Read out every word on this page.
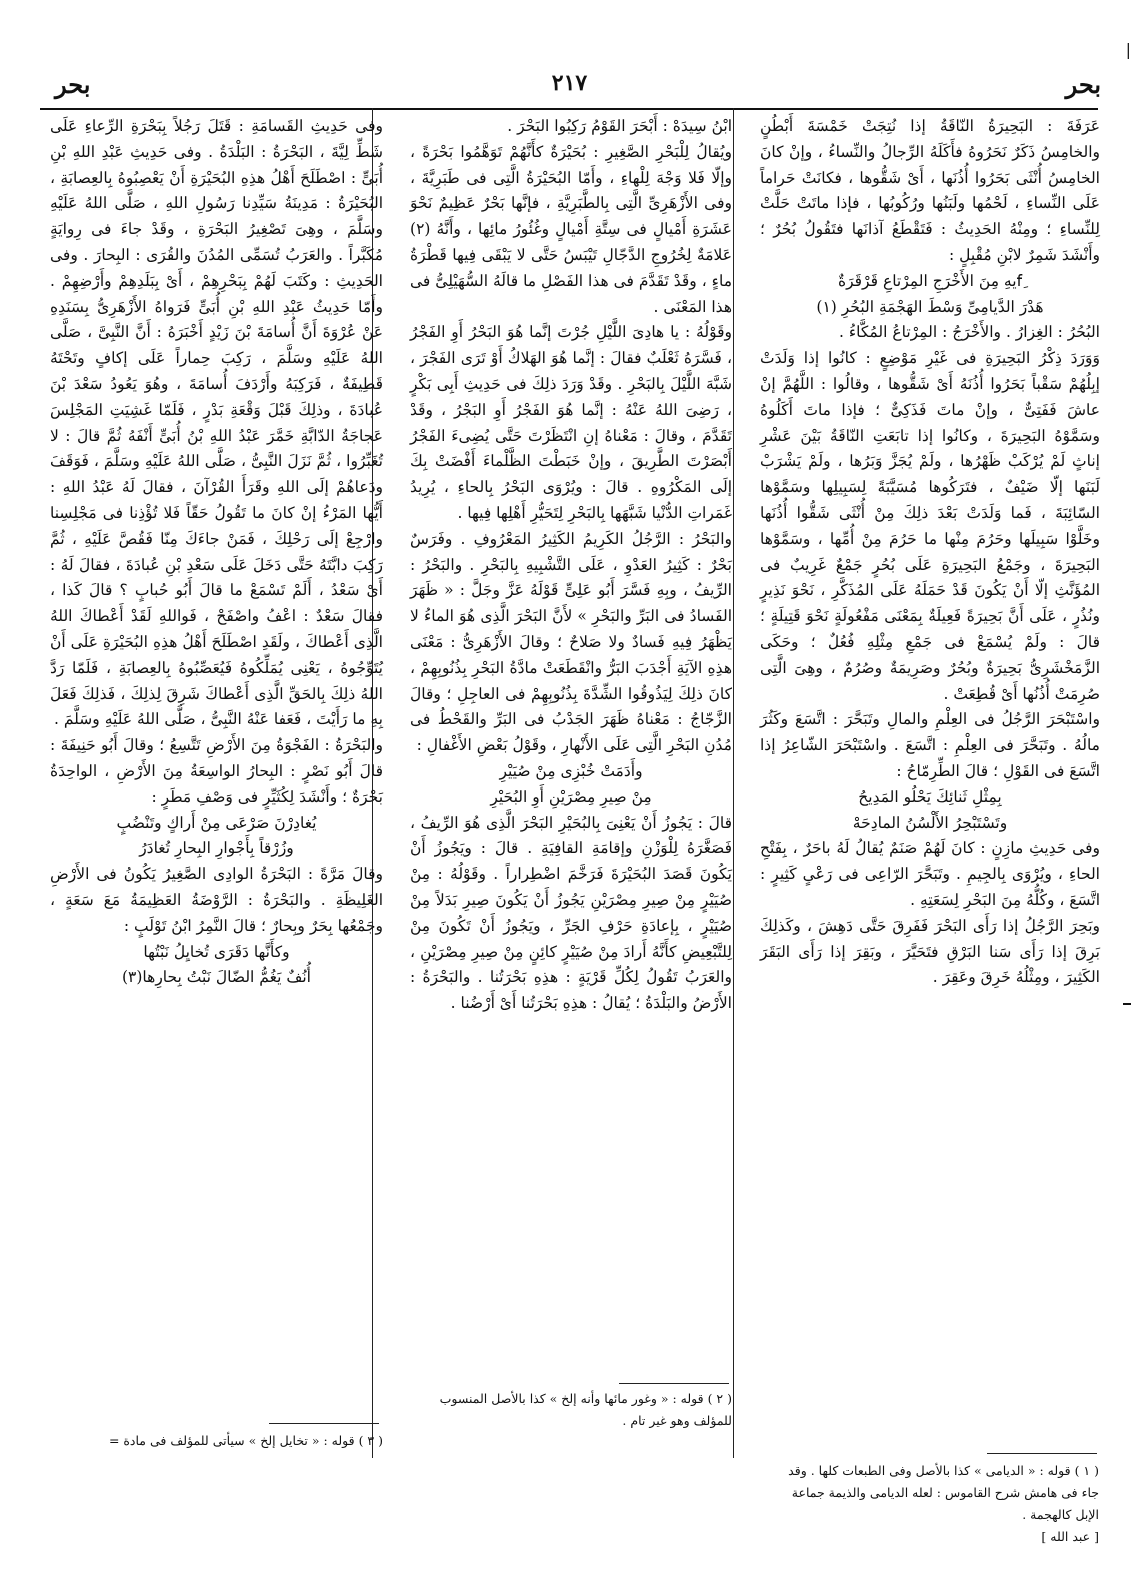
بحر
٢١٧
بحر
|

عَرَفَةَ : البَحِيرَةُ النّاقَةُ إذا نُتِجَتْ خَمْسَةَ أَبْطُنٍ والخامِسُ ذَكَرٌ نَحَرُوهُ فأَكَلَهُ الرِّجالُ والنِّساءُ ، وإنْ كانَ الخامِسُ أُنْثَى بَحَرُوا أُذُنَها ، أَىْ شَقُّوها ، فكانَتْ حَراماً عَلَى النِّساءِ ، لَحْمُها ولَبَنُها ورُكُوبُها ، فإذا ماتَتْ حَلَّتْ لِلنِّساءِ ؛ ومِنْهُ الحَدِيثُ : فَتَقْطَعُ آذانَها فتَقُولُ بُحُرٌ ؛ وأَنْشَدَ شَمِرٌ لابْنِ مُقْبِلٍ :

fِيهِ مِنَ الأَخْرَجِ المِرْتاعِ قَرْقَرَةٌ

هَدْرَ الدَّيامِىِّ وَسْطَ الهَجْمَةِ البُحُرِ (١)

البُحُرُ : الغِزارُ . والأَخْرَجُ : المِرْتاعُ المُكَّاءُ .

وَوَرَدَ ذِكْرُ البَحِيرَةِ فى غَيْرِ مَوْضِعٍ : كانُوا إذا وَلَدَتْ إبِلُهُمْ سَقْباً بَحَرُوا أُذُنَهُ أَىْ شَقُّوها ، وقالُوا : اللَّهُمَّ إنْ عاشَ فَفَتِىٌّ ، وإنْ ماتَ فَذَكِىٌّ ؛ فإذا ماتَ أَكَلُوهُ وسَمَّوْهُ البَحِيرَةَ ، وكانُوا إذا تابَعَتِ النّاقَةُ بَيْنَ عَشْرِ إناثٍ لَمْ يُرْكَبْ ظَهْرُها ، ولَمْ يُجَزَّ وَبَرُها ، ولَمْ يَشْرَبْ لَبَنَها إلّا ضَيْفٌ ، فتَرَكُوها مُسَيَّبَةً لِسَبِيلِها وسَمَّوْها السّائِبَةَ ، فَما وَلَدَتْ بَعْدَ ذلِكَ مِنْ أُنْثَى شَقُّوا أُذُنَها وخَلَّوْا سَبِيلَها وحَرُمَ مِنْها ما حَرُمَ مِنْ أُمِّها ، وسَمَّوْها البَحِيرَةَ ، وجَمْعُ البَحِيرَةِ عَلَى بُحُرٍ جَمْعٌ غَرِيبٌ فى المُؤَنَّثِ إلّا أَنْ يَكُونَ قَدْ حَمَلَهُ عَلَى المُذَكَّرِ ، نَحْوَ نَذِيرٍ ونُذُرٍ ، عَلَى أَنَّ بَحِيرَةً فَعِيلَةٌ بِمَعْنَى مَفْعُولَةٍ نَحْوَ قَتِيلَةٍ ؛ قالَ : ولَمْ يُسْمَعْ فى جَمْعِ مِثْلِهِ فُعُلٌ ؛ وحَكَى الزَّمَخْشَرِىُّ بَحِيرَةٌ وبُحُرٌ وصَرِيمَةٌ وصُرُمٌ ، وهِىَ الَّتِى صُرِمَتْ أُذُنُها أَىْ قُطِعَتْ .

واسْتَبْحَرَ الرَّجُلُ فى العِلْمِ والمالِ وتَبَحَّرَ : اتَّسَعَ وكَثُرَ مالُهُ . وتَبَحَّرَ فى العِلْمِ : اتَّسَعَ . واسْتَبْحَرَ الشّاعِرُ إذا اتَّسَعَ فى القَوْلِ ؛ قالَ الطِّرِمّاحُ :

بِمِثْلِ ثَنائِكَ يَحْلُو المَدِيحُ

وتَسْتَبْحِرُ الأَلْسُنُ المادِحَهْ

وفى حَدِيثِ مازِنٍ : كانَ لَهُمْ صَنَمٌ يُقالُ لَهُ باحَرٌ ، بِفَتْحِ الحاءِ ، ويُرْوَى بِالجِيمِ . وتَبَحَّرَ الرّاعِى فى رَعْىٍ كَثِيرٍ : اتَّسَعَ ، وكُلُّهُ مِنَ البَحْرِ لِسَعَتِهِ .

وبَحِرَ الرَّجُلُ إذا رَأَى البَحْرَ فَفَرِقَ حَتَّى دَهِشَ ، وكَذلِكَ بَرِقَ إذا رَأَى سَنا البَرْقِ فتَحَيَّرَ ، وبَقِرَ إذا رَأَى البَقَرَ الكَثِيرَ ، ومِثْلُهُ خَرِقَ وعَقِرَ .

ابْنُ سِيدَهْ : أَبْحَرَ القَوْمُ رَكِبُوا البَحْرَ .

ويُقالُ لِلْبَحْرِ الصَّغِيرِ : بُحَيْرَةٌ كأَنَّهُمْ تَوَهَّمُوا بَحْرَةً ، وإلّا فَلا وَجْهَ لِلْهاءِ ، وأَمّا البُحَيْرَةُ الَّتِى فى طَبَرِيَّةَ ، وفى الأَزْهَرِىِّ الَّتِى بِالطَّبَرِيَّةِ ، فإنَّها بَحْرٌ عَظِيمٌ نَحْوَ عَشَرَةِ أَمْيالٍ فى سِتَّةِ أَمْيالٍ وغُئُورُ مائِها ، وأَنَّهُ (٢) عَلامَةٌ لِخُرُوجِ الدَّجّالِ تَيْبَسُ حَتَّى لا يَبْقَى فِيها قَطْرَةُ ماءٍ ، وقَدْ تَقَدَّمَ فى هذا الفَصْلِ ما قالَهُ السُّهَيْلِىُّ فى هذا المَعْنَى .

وقَوْلُهُ : يا هادِىَ اللَّيْلِ جُرْتَ إنَّما هُوَ البَحْرُ أَوِ الفَجْرُ ، فَسَّرَهُ ثَعْلَبٌ فقالَ : إنَّما هُوَ الهَلاكُ أَوْ تَرَى الفَجْرَ ، شَبَّهَ اللَّيْلَ بِالبَحْرِ . وقَدْ وَرَدَ ذلِكَ فى حَدِيثِ أَبِى بَكْرٍ ، رَضِىَ اللهُ عَنْهُ : إنَّما هُوَ الفَجْرُ أَوِ البَجْرُ ، وقَدْ تَقَدَّمَ ، وقالَ : مَعْناهُ إنِ انْتَظَرْتَ حَتَّى يُضِىءَ الفَجْرُ أَبْصَرْتَ الطَّرِيقَ ، وإنْ خَبَطْتَ الظَّلْماءَ أَفْضَتْ بِكَ إلَى المَكْرُوهِ . قالَ : ويُرْوَى البَحْرُ بِالحاءِ ، يُرِيدُ غَمَراتِ الدُّنْيا شَبَّهَها بِالبَحْرِ لِتَحَيُّرِ أَهْلِها فِيها .

والبَحْرُ : الرَّجُلُ الكَرِيمُ الكَثِيرُ المَعْرُوفِ . وفَرَسٌ بَحْرٌ : كَثِيرُ العَدْوِ ، عَلَى التَّشْبِيهِ بِالبَحْرِ . والبَحْرُ : الرِّيفُ ، وبِهِ فَسَّرَ أَبُو عَلِىٍّ قَوْلَهُ عَزَّ وجَلَّ : « ظَهَرَ الفَسادُ فى البَرِّ والبَحْرِ » لأَنَّ البَحْرَ الَّذِى هُوَ الماءُ لا يَظْهَرُ فِيهِ فَسادٌ ولا صَلاحٌ ؛ وقالَ الأَزْهَرِىُّ : مَعْنَى هذِهِ الآيَةِ أَجْدَبَ البَرُّ وانْقَطَعَتْ مادَّةُ البَحْرِ بِذُنُوبِهِمْ ، كانَ ذلِكَ لِيَذُوقُوا الشِّدَّةَ بِذُنُوبِهِمْ فى العاجِلِ ؛ وقالَ الزَّجّاجُ : مَعْناهُ ظَهَرَ الجَدْبُ فى البَرِّ والقَحْطُ فى مُدُنِ البَحْرِ الَّتِى عَلَى الأَنْهارِ ، وقَوْلُ بَعْضِ الأَغْفالِ :

وأَدَمَتْ خُبْزِى مِنْ صُيَيْرِ

مِنْ صِيرِ مِصْرَيْنِ أَوِ البُحَيْرِ

قالَ : يَجُوزُ أَنْ يَعْنِىَ بِالبُحَيْرِ البَحْرَ الَّذِى هُوَ الرِّيفُ ، فَصَغَّرَهُ لِلْوَزْنِ وإقامَةِ القافِيَةِ . قالَ : ويَجُوزُ أَنْ يَكُونَ قَصَدَ البُحَيْرَةَ فَرَخَّمَ اضْطِراراً . وقَوْلُهُ : مِنْ صُيَيْرٍ مِنْ صِيرِ مِصْرَيْنِ يَجُوزُ أَنْ يَكُونَ صِيرِ بَدَلاً مِنْ صُيَيْرٍ ، بِإعادَةِ حَرْفِ الجَرِّ ، ويَجُوزُ أَنْ تَكُونَ مِنْ لِلتَّبْعِيضِ كأَنَّهُ أَرادَ مِنْ صُيَيْرٍ كائِنٍ مِنْ صِيرِ مِصْرَيْنِ ، والعَرَبُ تَقُولُ لِكُلِّ قَرْيَةٍ : هذِهِ بَحْرَتُنا . والبَحْرَةُ : الأَرْضُ والبَلْدَةُ ؛ يُقالُ : هذِهِ بَحْرَتُنا أَىْ أَرْضُنا .

وفى حَدِيثِ القَسامَةِ : قَتَلَ رَجُلاً بِبَحْرَةِ الرِّعاءِ عَلَى شَطِّ لِيَّةَ ، البَحْرَةُ : البَلْدَةُ . وفى حَدِيثِ عَبْدِ اللهِ بْنِ أُبَىٍّ : اصْطَلَحَ أَهْلُ هذِهِ البُحَيْرَةِ أَنْ يَعْصِبُوهُ بِالعِصابَةِ ، البُحَيْرَةُ : مَدِينَةُ سَيِّدِنا رَسُولِ اللهِ ، صَلَّى اللهُ عَلَيْهِ وسَلَّمَ ، وهِىَ تَصْغِيرُ البَحْرَةِ ، وقَدْ جاءَ فى رِوايَةٍ مُكَبَّراً . والعَرَبُ تُسَمِّى المُدُنَ والقُرَى : البِحارَ . وفى الحَدِيثِ : وكَتَبَ لَهُمْ بِبَحْرِهِمْ ، أَىْ بِبَلَدِهِمْ وأَرْضِهِمْ . وأَمّا حَدِيثُ عَبْدِ اللهِ بْنِ أُبَىٍّ فَرَواهُ الأَزْهَرِىُّ بِسَنَدِهِ عَنْ عُرْوَةَ أَنَّ أُسامَةَ بْنَ زَيْدٍ أَخْبَرَهُ : أَنَّ النَّبِىَّ ، صَلَّى اللهُ عَلَيْهِ وسَلَّمَ ، رَكِبَ حِماراً عَلَى إكافٍ وتَحْتَهُ قَطِيفَةٌ ، فَرَكِبَهُ وأَرْدَفَ أُسامَةَ ، وهُوَ يَعُودُ سَعْدَ بْنَ عُبادَةَ ، وذلِكَ قَبْلَ وَقْعَةِ بَدْرٍ ، فَلَمّا غَشِيَتِ المَجْلِسَ عَجاجَةُ الدّابَّةِ خَمَّرَ عَبْدُ اللهِ بْنُ أُبَىٍّ أَنْفَهُ ثُمَّ قالَ : لا تُغَبِّرُوا ، ثُمَّ نَزَلَ النَّبِىُّ ، صَلَّى اللهُ عَلَيْهِ وسَلَّمَ ، فَوَقَفَ ودَعاهُمْ إلَى اللهِ وقَرَأَ القُرْآنَ ، فقالَ لَهُ عَبْدُ اللهِ : أَيُّها المَرْءُ إنْ كانَ ما تَقُولُ حَقّاً فَلا تُؤْذِنا فى مَجْلِسِنا وارْجِعْ إلَى رَحْلِكَ ، فَمَنْ جاءَكَ مِنّا فَقُصَّ عَلَيْهِ ، ثُمَّ رَكِبَ دابَّتَهُ حَتَّى دَخَلَ عَلَى سَعْدِ بْنِ عُبادَةَ ، فقالَ لَهُ : أَىْ سَعْدُ ، أَلَمْ تَسْمَعْ ما قالَ أَبُو حُبابٍ ؟ قالَ كَذا ، فقالَ سَعْدٌ : اعْفُ واصْفَحْ ، فَواللهِ لَقَدْ أَعْطاكَ اللهُ الَّذِى أَعْطاكَ ، ولَقَدِ اصْطَلَحَ أَهْلُ هذِهِ البُحَيْرَةِ عَلَى أَنْ يُتَوِّجُوهُ ، يَعْنِى يُمَلِّكُوهُ فَيُعَصِّبُوهُ بِالعِصابَةِ ، فَلَمّا رَدَّ اللهُ ذلِكَ بِالحَقِّ الَّذِى أَعْطاكَ شَرِقَ لِذلِكَ ، فَذلِكَ فَعَلَ بِهِ ما رَأَيْتَ ، فَعَفا عَنْهُ النَّبِىُّ ، صَلَّى اللهُ عَلَيْهِ وسَلَّمَ .

والبَحْرَةُ : الفَجْوَةُ مِنَ الأَرْضِ تَتَّسِعُ ؛ وقالَ أَبُو حَنِيفَةَ : قالَ أَبُو نَصْرٍ : البِحارُ الواسِعَةُ مِنَ الأَرْضِ ، الواحِدَةُ بَحْرَةٌ ؛ وأَنْشَدَ لِكُثَيِّرٍ فى وَصْفِ مَطَرٍ :

يُغادِرْنَ صَرْعَى مِنْ أَراكٍ وتَنْضُبٍ

وزُرْقاً بِأَجْوارِ البِحارِ تُغادَرُ

وقالَ مَرَّةً : البَحْرَةُ الوادِى الصَّغِيرُ يَكُونُ فى الأَرْضِ الغَلِيظَةِ . والبَحْرَةُ : الرَّوْضَةُ العَظِيمَةُ مَعَ سَعَةٍ ، وجَمْعُها بِحَرٌ وبِحارٌ ؛ قالَ النَّمِرُ ابْنُ تَوْلَبٍ :

وكأَنَّها دَقَرَى تُخايِلُ نَبْتُها

أُنُفٌ يَغُمُّ الضّالَ نَبْتُ بِحارِها(٣)

( ١ ) قوله : « الديامى » كذا بالأصل وفى الطبعات كلها . وقد جاء فى هامش شرح القاموس : لعله الديامى والذيمة جماعة الإبل كالهجمة .

[ عبد الله ]

( ٢ ) قوله : « وغور مائها وأنه إلخ » كذا بالأصل المنسوب للمؤلف وهو غير تام .

( ٣ ) قوله : « تخايل إلخ » سيأتى للمؤلف فى مادة =
